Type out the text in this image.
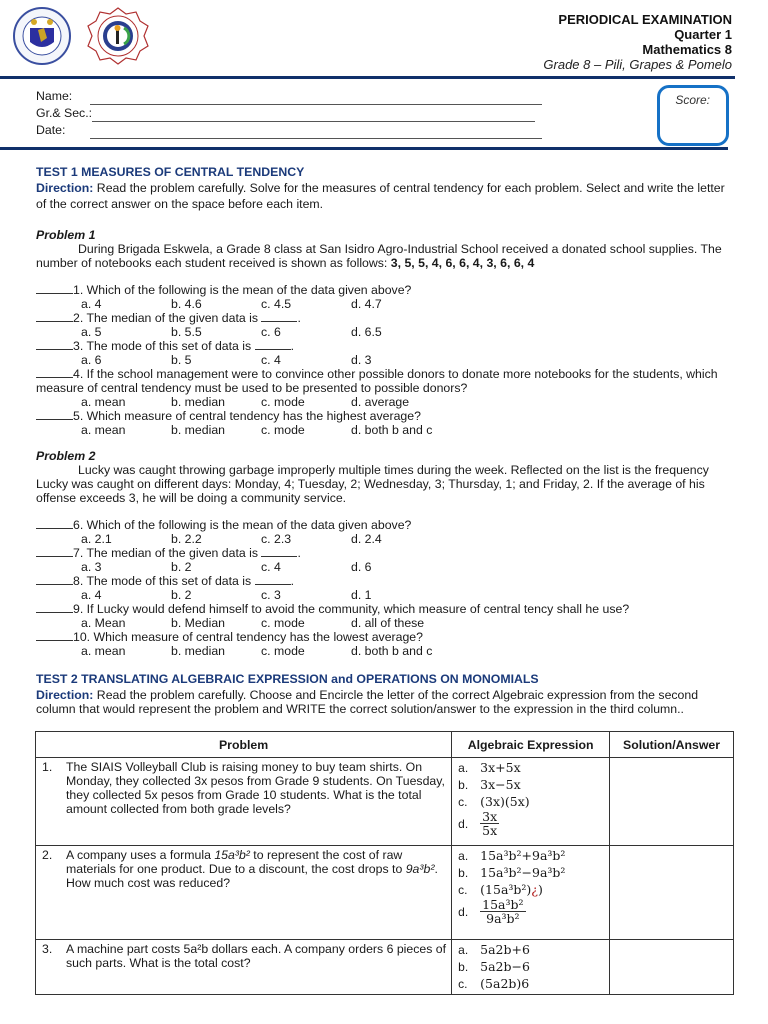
PERIODICAL EXAMINATION
Quarter 1
Mathematics 8
Grade 8 – Pili, Grapes & Pomelo
Name:
Gr.& Sec.:
Date:
Score:
TEST 1 MEASURES OF CENTRAL TENDENCY
Direction: Read the problem carefully. Solve for the measures of central tendency for each problem. Select and write the letter of the correct answer on the space before each item.
Problem 1
During Brigada Eskwela, a Grade 8 class at San Isidro Agro-Industrial School received a donated school supplies. The number of notebooks each student received is shown as follows: 3, 5, 5, 4, 6, 6, 4, 3, 6, 6, 4
1. Which of the following is the mean of the data given above?
a. 4	b. 4.6	c. 4.5	d. 4.7
2. The median of the given data is	.
a. 5	b. 5.5	c. 6	d. 6.5
3. The mode of this set of data is	.
a. 6	b. 5	c. 4	d. 3
4. If the school management were to convince other possible donors to donate more notebooks for the students, which measure of central tendency must be used to be presented to possible donors?
a. mean	b. median	c. mode	d. average
5. Which measure of central tendency has the highest average?
a. mean	b. median	c. mode	d. both b and c
Problem 2
Lucky was caught throwing garbage improperly multiple times during the week. Reflected on the list is the frequency Lucky was caught on different days: Monday, 4; Tuesday, 2; Wednesday, 3; Thursday, 1; and Friday, 2. If the average of his offense exceeds 3, he will be doing a community service.
6. Which of the following is the mean of the data given above?
a. 2.1	b. 2.2	c. 2.3	d. 2.4
7. The median of the given data is	.
a. 3	b. 2	c. 4	d. 6
8. The mode of this set of data is	.
a. 4	b. 2	c. 3	d. 1
9. If Lucky would defend himself to avoid the community, which measure of central tency shall he use?
a. Mean	b. Median	c. mode	d. all of these
10. Which measure of central tendency has the lowest average?
a. mean	b. median	c. mode	d. both b and c
TEST 2 TRANSLATING ALGEBRAIC EXPRESSION and OPERATIONS ON MONOMIALS
Direction: Read the problem carefully. Choose and Encircle the letter of the correct Algebraic expression from the second column that would represent the problem and WRITE the correct solution/answer to the expression in the third column..
Problem	Algebraic Expression	Solution/Answer

1.	The SIAIS Volleyball Club is raising money to buy team shirts. On Monday, they collected 3x pesos from Grade 9 students. On Tuesday, they collected 5x pesos from Grade 10 students. What is the total amount collected from both grade levels?

a. 3x+5x
b. 3x−5x
c.	(3x)(5x)
d. $\frac{3x}{5x}$

2.	A company uses a formula 15a³b² to represent the cost of raw materials for one product. Due to a discount, the cost drops to 9a³b². How much cost was reduced?

a. 15a³b²+9a³b²
b. 15a³b²−9a³b²
c.	(15a³b²)¿)
d. $\frac{\text{15a³b²}}{\text{9a³b²}}$

3.	A machine part costs 5a²b dollars each. A company orders 6 pieces of such parts. What is the total cost?

a. 5a2b+6
b. 5a2b−6
c.	(5a2b)6
